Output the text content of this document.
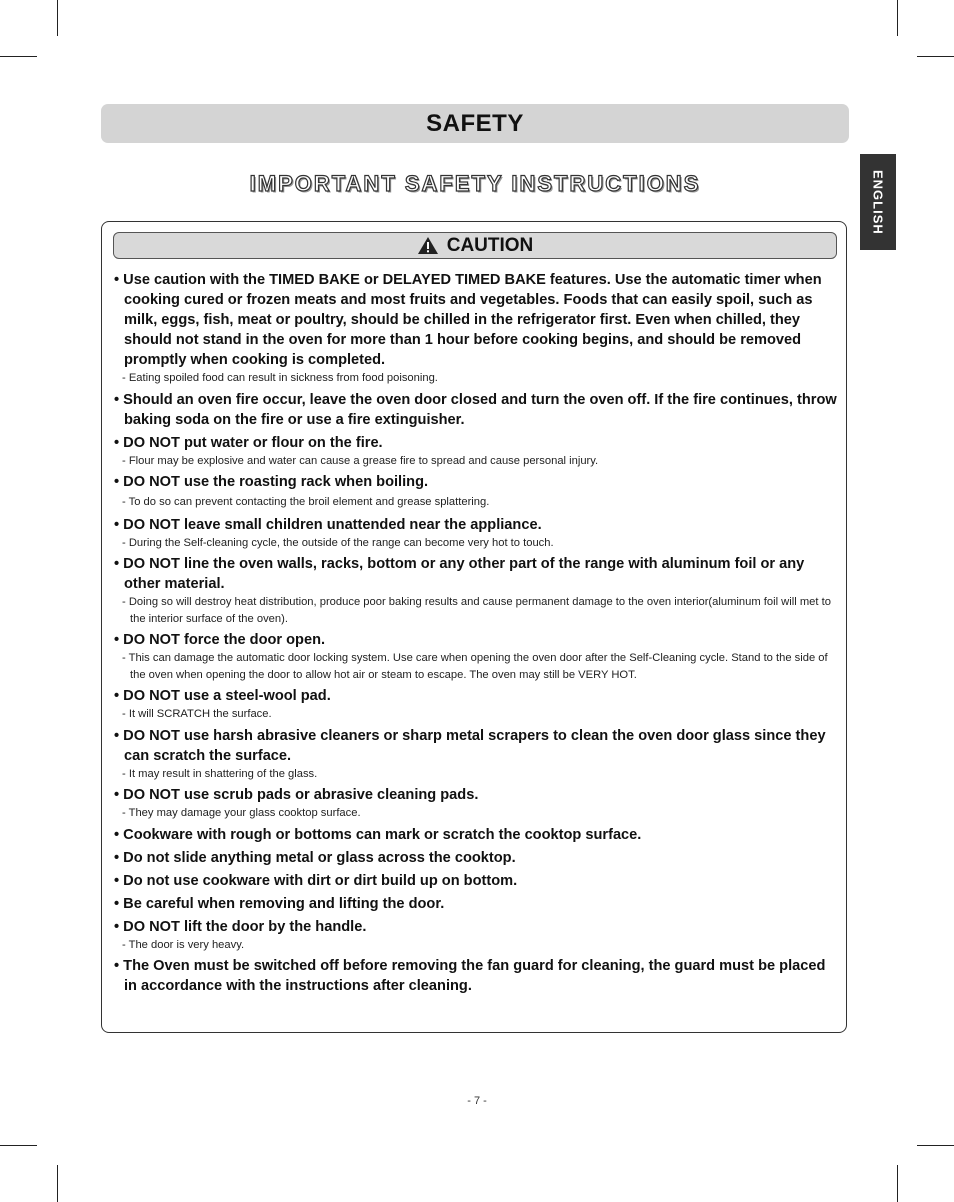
SAFETY
IMPORTANT SAFETY INSTRUCTIONS	ENGLISH
CAUTION
• Use caution with the TIMED BAKE or DELAYED TIMED BAKE features. Use the automatic timer when cooking cured or frozen meats and most fruits and vegetables. Foods that can easily spoil, such as milk, eggs, fish, meat or poultry, should be chilled in the refrigerator first. Even when chilled, they should not stand in the oven for more than 1 hour before cooking begins, and should be removed promptly when cooking is completed.
- Eating spoiled food can result in sickness from food poisoning.
• Should an oven fire occur, leave the oven door closed and turn the oven off. If the fire continues, throw baking soda on the fire or use a fire extinguisher.
• DO NOT put water or flour on the fire.
- Flour may be explosive and water can cause a grease fire to spread and cause personal injury.
• DO NOT use the roasting rack when boiling.
- To do so can prevent contacting the broil element and grease splattering.
• DO NOT leave small children unattended near the appliance.
- During the Self-cleaning cycle, the outside of the range can become very hot to touch.
• DO NOT line the oven walls, racks, bottom or any other part of the range with aluminum foil or any other material.
- Doing so will destroy heat distribution, produce poor baking results and cause permanent damage to the oven interior(aluminum foil will met to the interior surface of the oven).
• DO NOT force the door open.
- This can damage the automatic door locking system. Use care when opening the oven door after the Self-Cleaning cycle. Stand to the side of the oven when opening the door to allow hot air or steam to escape. The oven may still be VERY HOT.
• DO NOT use a steel-wool pad.
- It will SCRATCH the surface.
• DO NOT use harsh abrasive cleaners or sharp metal scrapers to clean the oven door glass since they can scratch the surface.
- It may result in shattering of the glass.
• DO NOT use scrub pads or abrasive cleaning pads.
- They may damage your glass cooktop surface.
• Cookware with rough or bottoms can mark or scratch the cooktop surface.
• Do not slide anything metal or glass across the cooktop.
• Do not use cookware with dirt or dirt build up on bottom.
• Be careful when removing and lifting the door.
• DO NOT lift the door by the handle.
- The door is very heavy.
• The Oven must be switched off before removing the fan guard for cleaning, the guard must be placed in accordance with the instructions after cleaning.
- 7 -
